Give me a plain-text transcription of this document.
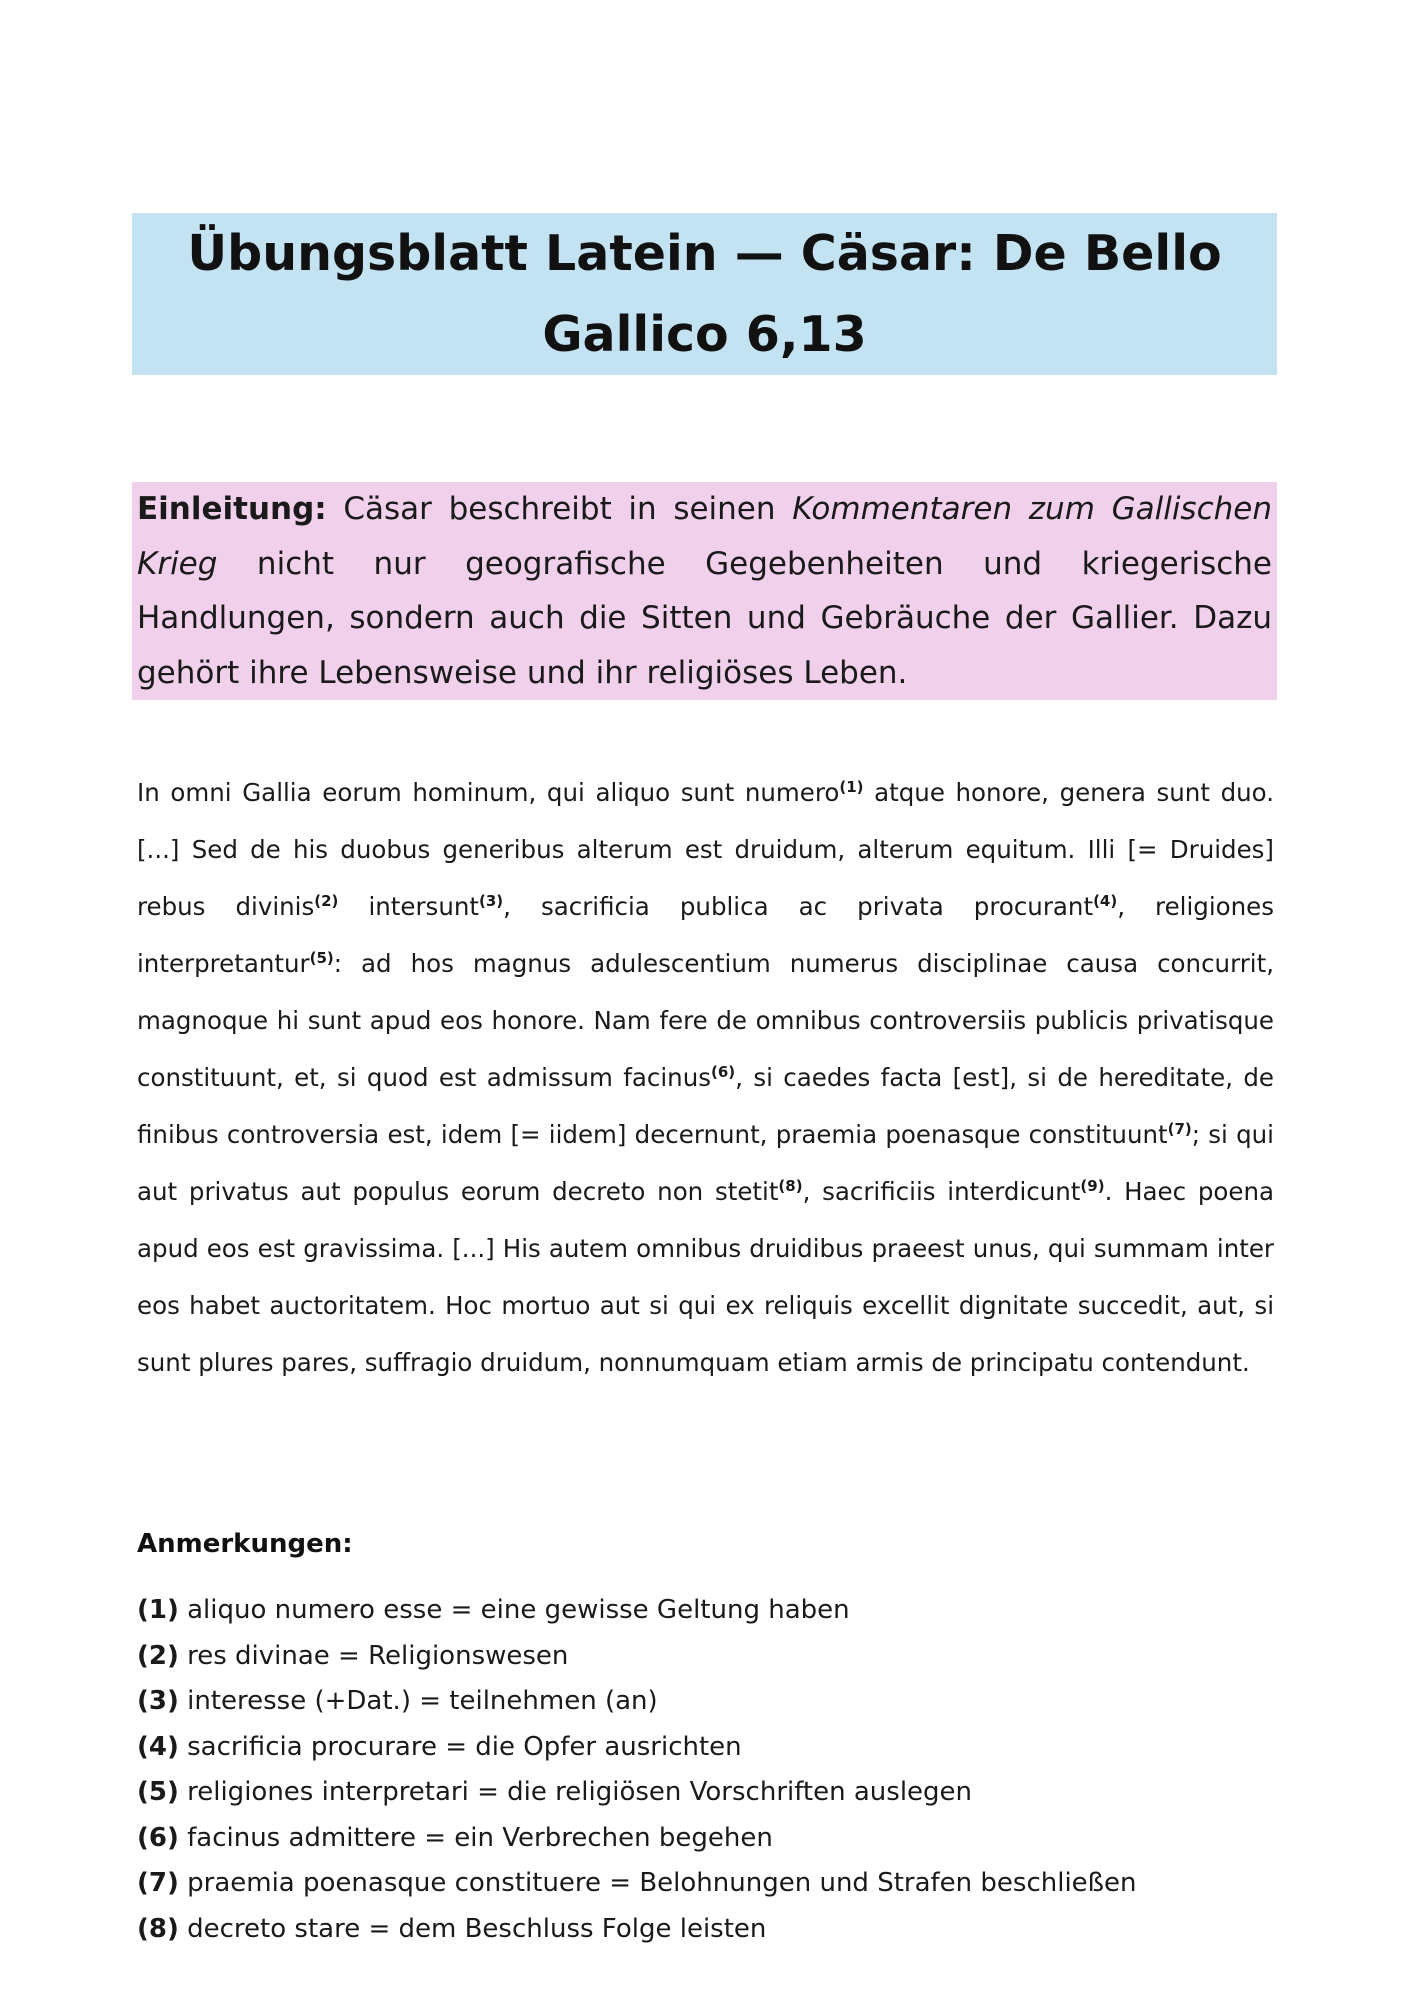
Übungsblatt Latein — Cäsar: De Bello
Gallico 6,13
Einleitung: Cäsar beschreibt in seinen Kommentaren zum Gallischen Krieg nicht nur geografische Gegebenheiten und kriegerische Handlungen, sondern auch die Sitten und Gebräuche der Gallier. Dazu gehört ihre Lebensweise und ihr religiöses Leben.
In omni Gallia eorum hominum, qui aliquo sunt numero$^{(1)}$ atque honore, genera sunt duo. [...] Sed de his duobus generibus alterum est druidum, alterum equitum. Illi [= Druides] rebus divinis$^{(2)}$ intersunt$^{(3)}$, sacrificia publica ac privata procurant$^{(4)}$, religiones interpretantur$^{(5)}$: ad hos magnus adulescentium numerus disciplinae causa concurrit, magnoque hi sunt apud eos honore. Nam fere de omnibus controversiis publicis privatisque constituunt, et, si quod est admissum facinus$^{(6)}$, si caedes facta [est], si de hereditate, de finibus controversia est, idem [= iidem] decernunt, praemia poenasque constituunt$^{(7)}$; si qui aut privatus aut populus eorum decreto non stetit$^{(8)}$, sacrificiis interdicunt$^{(9)}$. Haec poena apud eos est gravissima. [...] His autem omnibus druidibus praeest unus, qui summam inter eos habet auctoritatem. Hoc mortuo aut si qui ex reliquis excellit dignitate succedit, aut, si sunt plures pares, suffragio druidum, nonnumquam etiam armis de principatu contendunt.
Anmerkungen:
(1) aliquo numero esse = eine gewisse Geltung haben
(2) res divinae = Religionswesen
(3) interesse (+Dat.) = teilnehmen (an)
(4) sacrificia procurare = die Opfer ausrichten
(5) religiones interpretari = die religiösen Vorschriften auslegen
(6) facinus admittere = ein Verbrechen begehen
(7) praemia poenasque constituere = Belohnungen und Strafen beschließen
(8) decreto stare = dem Beschluss Folge leisten
